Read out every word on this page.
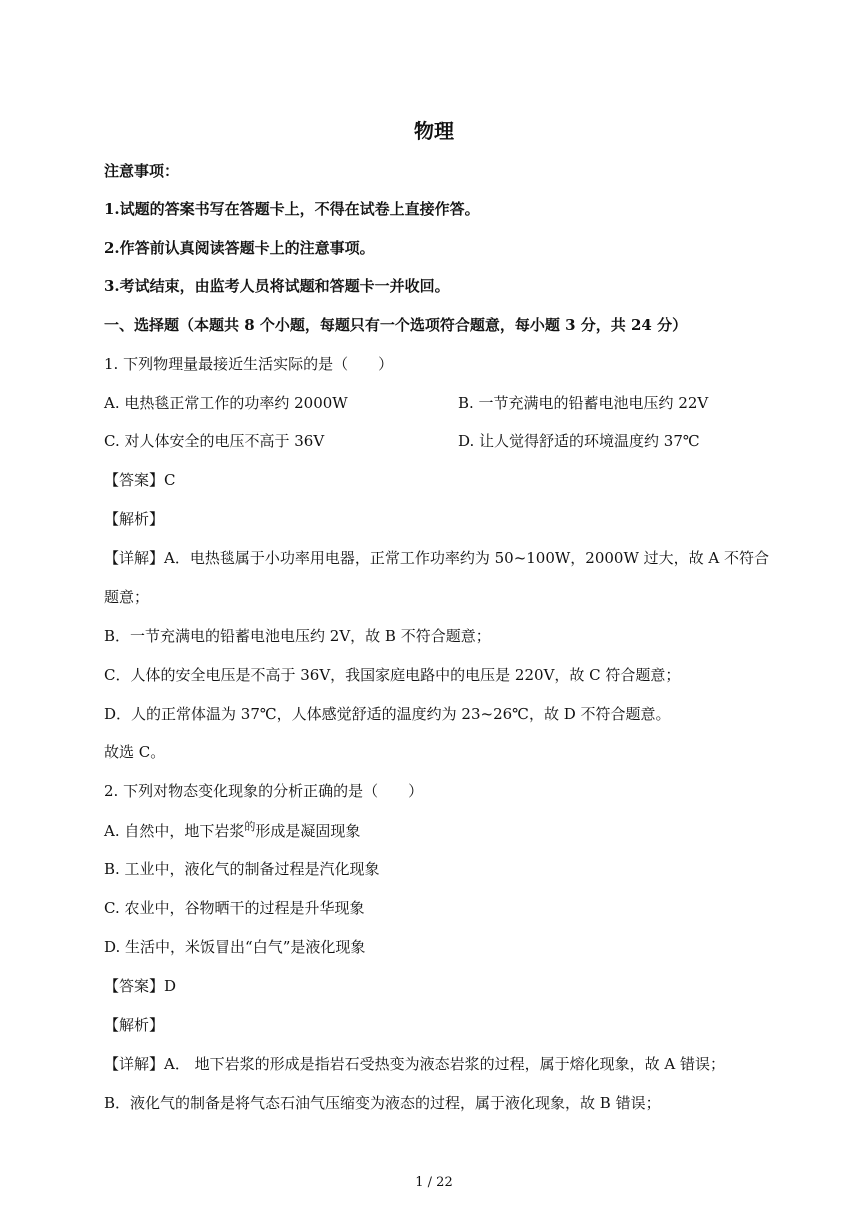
物理
注意事项：
1.试题的答案书写在答题卡上，不得在试卷上直接作答。
2.作答前认真阅读答题卡上的注意事项。
3.考试结束，由监考人员将试题和答题卡一并收回。
一、选择题（本题共 8 个小题，每题只有一个选项符合题意，每小题 3 分，共 24 分）
1. 下列物理量最接近生活实际的是（　　）
A. 电热毯正常工作的功率约 2000W	B. 一节充满电的铅蓄电池电压约 22V
C. 对人体安全的电压不高于 36V	D. 让人觉得舒适的环境温度约 37℃
【答案】C
【解析】
【详解】A．电热毯属于小功率用电器，正常工作功率约为 50~100W，2000W 过大，故 A 不符合
题意；
B．一节充满电的铅蓄电池电压约 2V，故 B 不符合题意；
C．人体的安全电压是不高于 36V，我国家庭电路中的电压是 220V，故 C 符合题意；
D．人的正常体温为 37℃，人体感觉舒适的温度约为 23~26℃，故 D 不符合题意。
故选 C。
2. 下列对物态变化现象的分析正确的是（　　）
A. 自然中，地下岩浆$^的$形成是凝固现象
B. 工业中，液化气的制备过程是汽化现象
C. 农业中，谷物晒干的过程是升华现象
D. 生活中，米饭冒出“白气”是液化现象
【答案】D
【解析】
【详解】A． 地下岩浆的形成是指岩石受热变为液态岩浆的过程，属于熔化现象，故 A 错误；
B．液化气的制备是将气态石油气压缩变为液态的过程，属于液化现象，故 B 错误；
1 / 22
